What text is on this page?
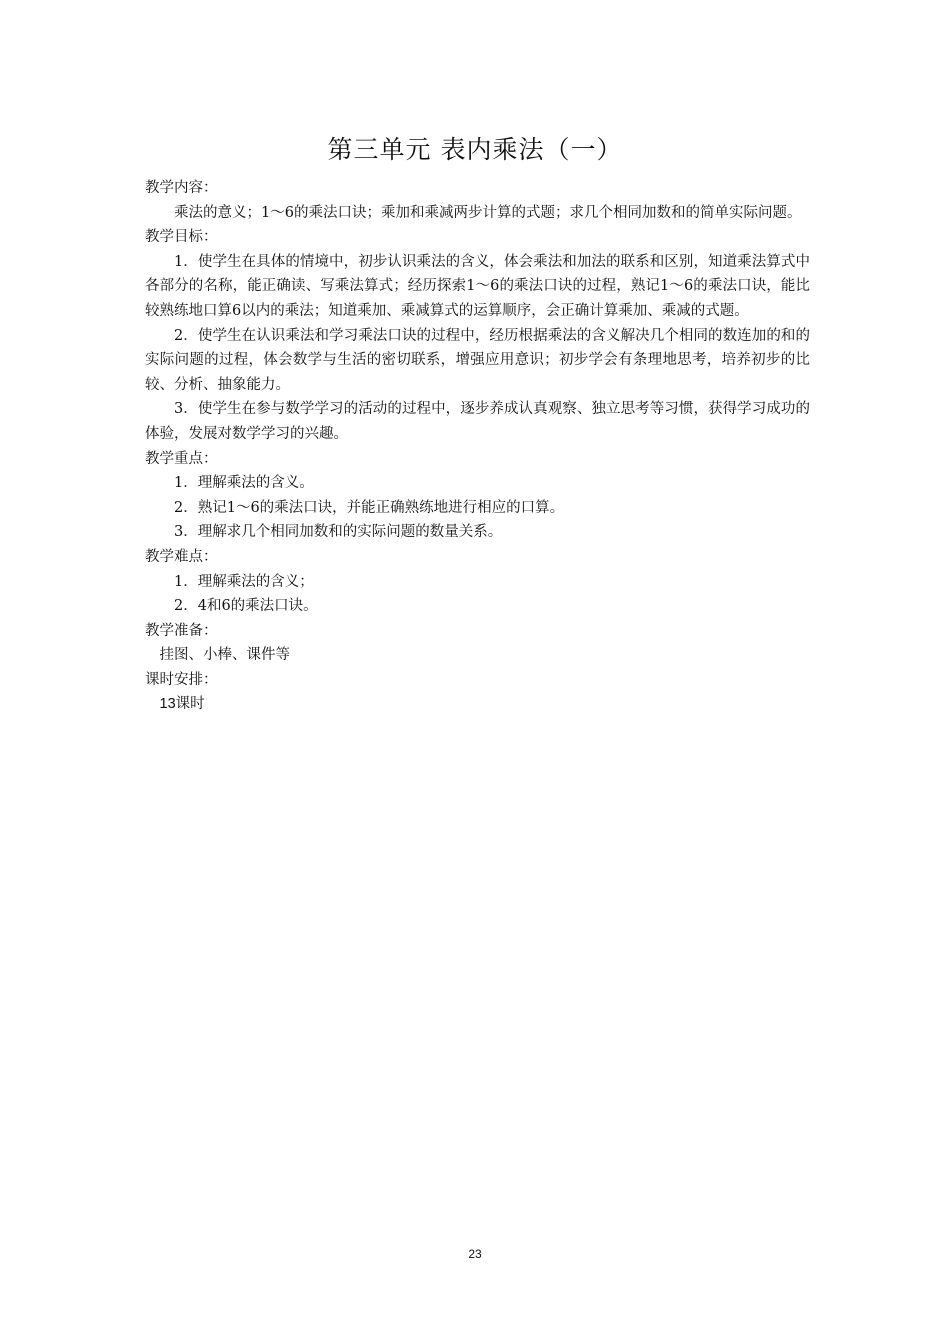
第三单元 表内乘法（一）

教学内容：

乘法的意义；1～6的乘法口诀；乘加和乘减两步计算的式题；求几个相同加数和的简单实际问题。

教学目标：

1．使学生在具体的情境中，初步认识乘法的含义，体会乘法和加法的联系和区别，知道乘法算式中各部分的名称，能正确读、写乘法算式；经历探索1～6的乘法口诀的过程，熟记1～6的乘法口诀，能比较熟练地口算6以内的乘法；知道乘加、乘减算式的运算顺序，会正确计算乘加、乘减的式题。

2．使学生在认识乘法和学习乘法口诀的过程中，经历根据乘法的含义解决几个相同的数连加的和的实际问题的过程，体会数学与生活的密切联系，增强应用意识；初步学会有条理地思考，培养初步的比较、分析、抽象能力。

3．使学生在参与数学学习的活动的过程中，逐步养成认真观察、独立思考等习惯，获得学习成功的体验，发展对数学学习的兴趣。

教学重点：

1．理解乘法的含义。

2．熟记1～6的乘法口诀，并能正确熟练地进行相应的口算。

3．理解求几个相同加数和的实际问题的数量关系。

教学难点：

1．理解乘法的含义；

2．4和6的乘法口诀。

教学准备：

挂图、小棒、课件等

课时安排：

13课时

23
